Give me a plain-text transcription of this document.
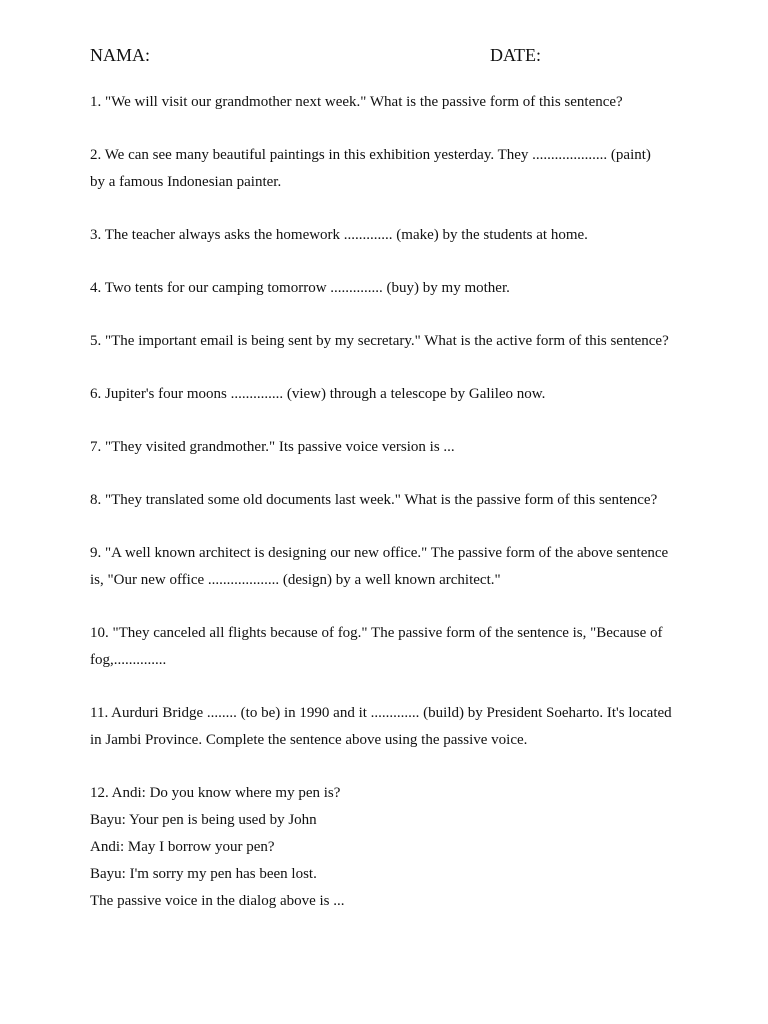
NAMA:	DATE:

1. "We will visit our grandmother next week." What is the passive form of this sentence?

2. We can see many beautiful paintings in this exhibition yesterday. They .................... (paint)

by a famous Indonesian painter.

3. The teacher always asks the homework ............. (make) by the students at home.

4. Two tents for our camping tomorrow .............. (buy) by my mother.

5. "The important email is being sent by my secretary." What is the active form of this sentence?

6. Jupiter's four moons .............. (view) through a telescope by Galileo now.

7. "They visited grandmother." Its passive voice version is ...

8. "They translated some old documents last week." What is the passive form of this sentence?

9. "A well known architect is designing our new office." The passive form of the above sentence

is, "Our new office ................... (design) by a well known architect."

10. "They canceled all flights because of fog." The passive form of the sentence is, "Because of

fog,..............

11. Aurduri Bridge ........ (to be) in 1990 and it ............. (build) by President Soeharto. It's located

in Jambi Province. Complete the sentence above using the passive voice.

12. Andi: Do you know where my pen is?

Bayu: Your pen is being used by John

Andi: May I borrow your pen?

Bayu: I'm sorry my pen has been lost.

The passive voice in the dialog above is ...
